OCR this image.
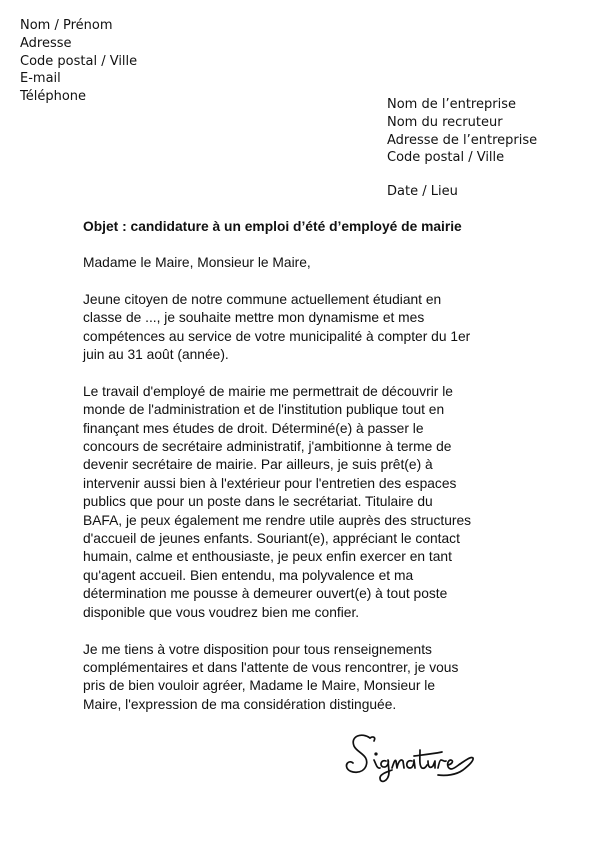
Nom / Prénom
Adresse
Code postal / Ville
E-mail
Téléphone
Nom de l’entreprise
Nom du recruteur
Adresse de l’entreprise
Code postal / Ville
Date / Lieu
Objet : candidature à un emploi d’été d’employé de mairie
Madame le Maire, Monsieur le Maire,

Jeune citoyen de notre commune actuellement étudiant en
classe de ..., je souhaite mettre mon dynamisme et mes
compétences au service de votre municipalité à compter du 1er
juin au 31 août (année).

Le travail d'employé de mairie me permettrait de découvrir le
monde de l'administration et de l'institution publique tout en
finançant mes études de droit. Déterminé(e) à passer le
concours de secrétaire administratif, j'ambitionne à terme de
devenir secrétaire de mairie. Par ailleurs, je suis prêt(e) à
intervenir aussi bien à l'extérieur pour l'entretien des espaces
publics que pour un poste dans le secrétariat. Titulaire du
BAFA, je peux également me rendre utile auprès des structures
d'accueil de jeunes enfants. Souriant(e), appréciant le contact
humain, calme et enthousiaste, je peux enfin exercer en tant
qu'agent accueil. Bien entendu, ma polyvalence et ma
détermination me pousse à demeurer ouvert(e) à tout poste
disponible que vous voudrez bien me confier.

Je me tiens à votre disposition pour tous renseignements
complémentaires et dans l'attente de vous rencontrer, je vous
pris de bien vouloir agréer, Madame le Maire, Monsieur le
Maire, l'expression de ma considération distinguée.
